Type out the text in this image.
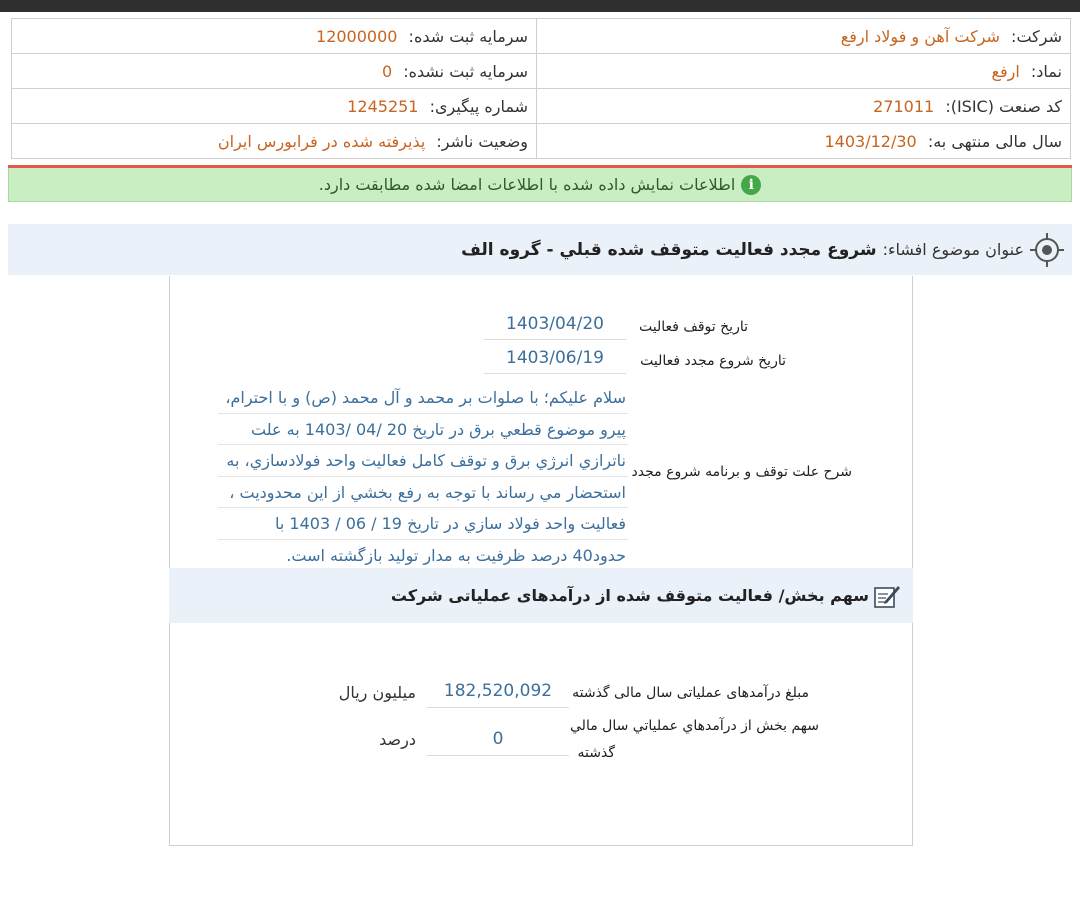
شرکت: شرکت آهن و فولاد ارفع	سرمایه ثبت شده: 12000000
نماد: ارفع	سرمایه ثبت نشده: 0
کد صنعت (ISIC): 271011	شماره پیگیری: 1245251
سال مالی منتهی به: 1403/12/30	وضعیت ناشر: پذیرفته شده در فرابورس ایران
i
اطلاعات نمایش داده شده با اطلاعات امضا شده مطابقت دارد.
عنوان موضوع افشاء:
شروع مجدد فعاليت متوقف شده قبلي - گروه الف
تاریخ توقف فعالیت
1403/04/20
تاریخ شروع مجدد فعالیت
1403/06/19
شرح علت توقف و برنامه شروع مجدد
سلام عليكم؛ با صلوات بر محمد و آل محمد (ص) و با احترام،
پيرو موضوع قطعي برق در تاريخ 20 /04 /1403 به علت
ناترازي انرژي برق و توقف كامل فعاليت واحد فولادسازي، به
استحضار مي رساند با توجه به رفع بخشي از اين محدوديت ،
فعاليت واحد فولاد سازي در تاريخ 19 / 06 / 1403 با
حدود40 درصد ظرفيت به مدار توليد بازگشته است.
سهم بخش/ فعالیت متوقف شده از درآمدهای عملیاتی شرکت
مبلغ درآمدهای عملیاتی سال مالی گذشته
182,520,092
میلیون ریال
سهم بخش از درآمدهاي عملياتي سال مالي
گذشته
0
درصد
